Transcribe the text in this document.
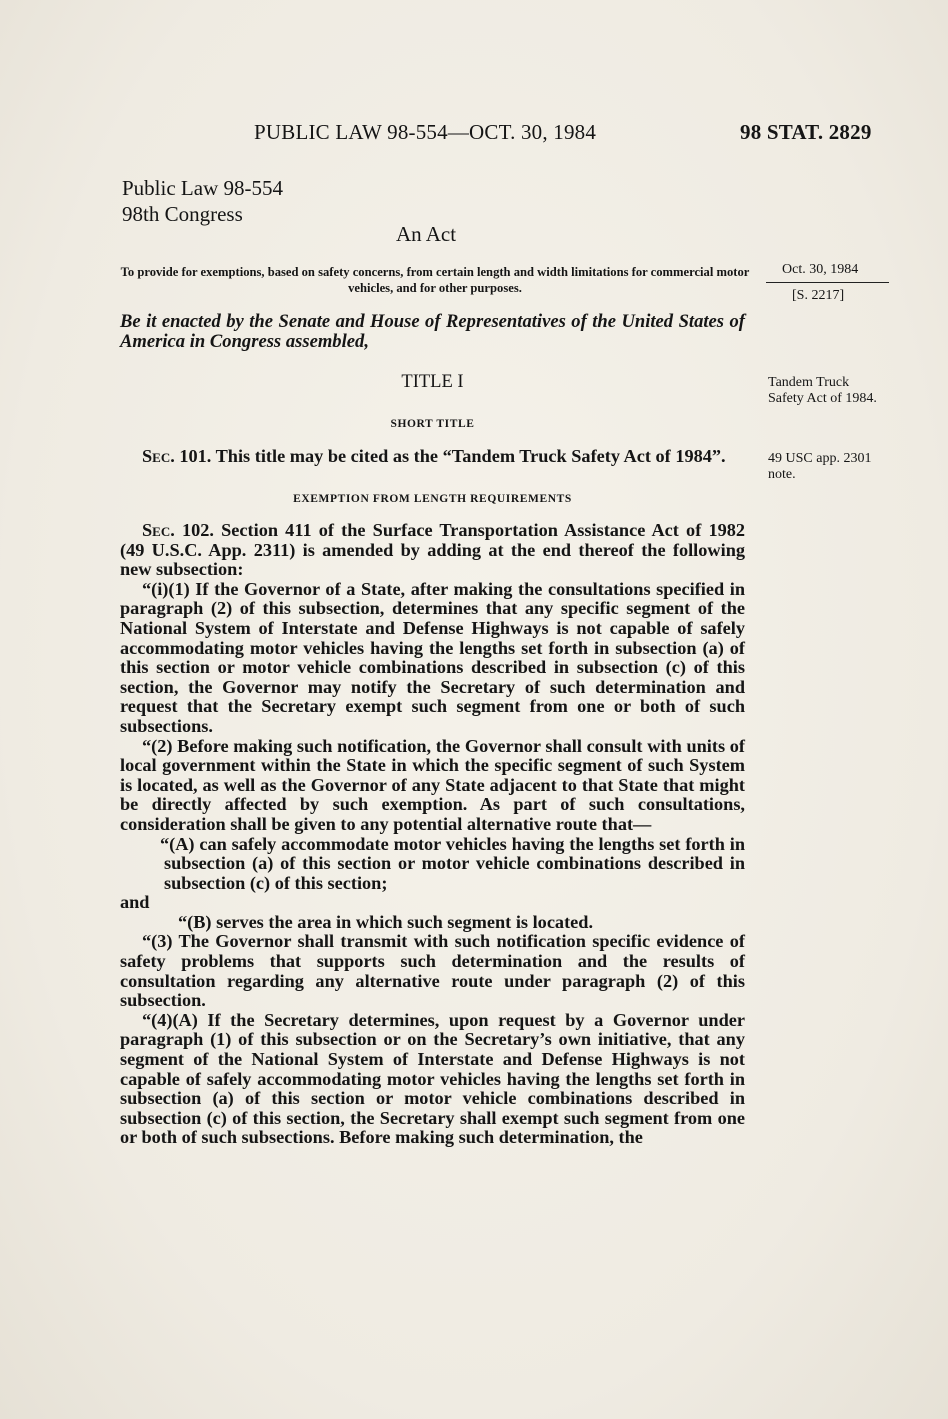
PUBLIC LAW 98-554—OCT. 30, 1984	98 STAT. 2829
Public Law 98-554
98th Congress
An Act
To provide for exemptions, based on safety concerns, from certain length and width limitations for commercial motor vehicles, and for other purposes.
Oct. 30, 1984
[S. 2217]
Tandem Truck Safety Act of 1984.
49 USC app. 2301 note.
Be it enacted by the Senate and House of Representatives of the United States of America in Congress assembled,
TITLE I
SHORT TITLE

Sec. 101. This title may be cited as the “Tandem Truck Safety Act of 1984”.

EXEMPTION FROM LENGTH REQUIREMENTS

Sec. 102. Section 411 of the Surface Transportation Assistance Act of 1982 (49 U.S.C. App. 2311) is amended by adding at the end thereof the following new subsection:

“(i)(1) If the Governor of a State, after making the consultations specified in paragraph (2) of this subsection, determines that any specific segment of the National System of Interstate and Defense Highways is not capable of safely accommodating motor vehicles having the lengths set forth in subsection (a) of this section or motor vehicle combinations described in subsection (c) of this section, the Governor may notify the Secretary of such determination and request that the Secretary exempt such segment from one or both of such subsections.

“(2) Before making such notification, the Governor shall consult with units of local government within the State in which the specific segment of such System is located, as well as the Governor of any State adjacent to that State that might be directly affected by such exemption. As part of such consultations, consideration shall be given to any potential alternative route that—

“(A) can safely accommodate motor vehicles having the lengths set forth in subsection (a) of this section or motor vehicle combinations described in subsection (c) of this section;

and

“(B) serves the area in which such segment is located.

“(3) The Governor shall transmit with such notification specific evidence of safety problems that supports such determination and the results of consultation regarding any alternative route under paragraph (2) of this subsection.

“(4)(A) If the Secretary determines, upon request by a Governor under paragraph (1) of this subsection or on the Secretary’s own initiative, that any segment of the National System of Interstate and Defense Highways is not capable of safely accommodating motor vehicles having the lengths set forth in subsection (a) of this section or motor vehicle combinations described in subsection (c) of this section, the Secretary shall exempt such segment from one or both of such subsections. Before making such determination, the
